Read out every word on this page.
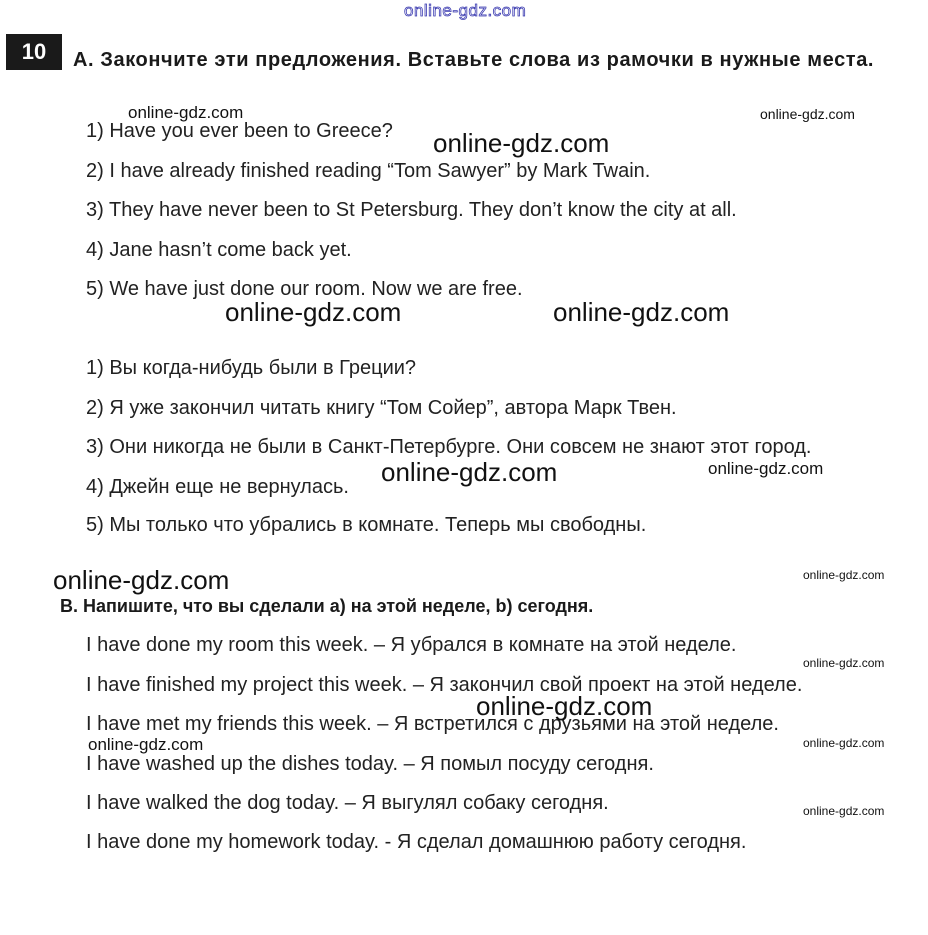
online-gdz.com
10	А. Закончите эти предложения. Вставьте слова из рамочки в нужные места.
1) Have you ever been to Greece?
2) I have already finished reading “Tom Sawyer” by Mark Twain.
3) They have never been to St Petersburg. They don’t know the city at all.
4) Jane hasn’t come back yet.
5) We have just done our room. Now we are free.
1) Вы когда-нибудь были в Греции?
2) Я уже закончил читать книгу “Том Сойер”, автора Марк Твен.
3) Они никогда не были в Санкт-Петербурге. Они совсем не знают этот город.
4) Джейн еще не вернулась.
5) Мы только что убрались в комнате. Теперь мы свободны.
B. Напишите, что вы сделали а) на этой неделе, b) сегодня.
I have done my room this week. – Я убрался в комнате на этой неделе.
I have finished my project this week. – Я закончил свой проект на этой неделе.
I have met my friends this week. – Я встретился с друзьями на этой неделе.
I have washed up the dishes today. – Я помыл посуду сегодня.
I have walked the dog today. – Я выгулял собаку сегодня.
I have done my homework today. - Я сделал домашнюю работу сегодня.
online-gdz.com	online-gdz.com
online-gdz.com
online-gdz.com	online-gdz.com
online-gdz.com	online-gdz.com
online-gdz.com	online-gdz.com
online-gdz.com
online-gdz.com
online-gdz.com	online-gdz.com
online-gdz.com
